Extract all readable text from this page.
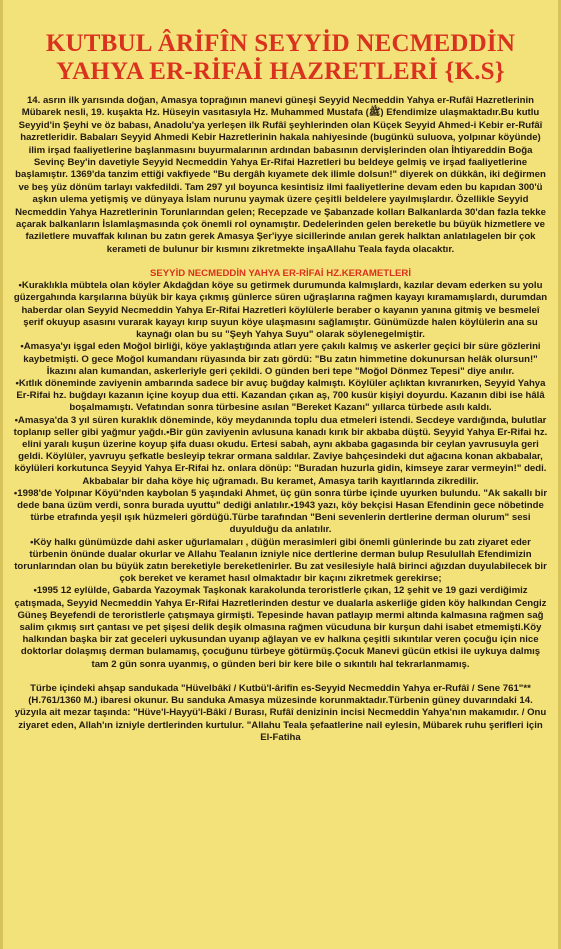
KUTBUL ÂRİFÎN SEYYİD NECMEDDİN YAHYA ER-RİFAİ HAZRETLERİ {K.S}
14. asrın ilk yarısında doğan, Amasya toprağının manevi güneşi Seyyid Necmeddin Yahya er-Rufâî Hazretlerinin Mübarek nesli, 19. kuşakta Hz. Hüseyin vasıtasıyla Hz. Muhammed Mustafa (ﷺ) Efendimize ulaşmaktadır.Bu kutlu Seyyid'in Şeyhi ve öz babası, Anadolu'ya yerleşen ilk Rufâî şeyhlerinden olan Küçek Seyyid Ahmed-i Kebir er-Rufâî hazretleridir. Babaları Seyyid Ahmedi Kebir Hazretlerinin hakala nahiyesinde (bugünkü suluova, yolpınar köyünde) ilim irşad faaliyetlerine başlanmasını buyurmalarının ardından babasının dervişlerinden olan İhtiyareddin Boğa Sevinç Bey'in davetiyle Seyyid Necmeddin Yahya Er-Rifai Hazretleri bu beldeye gelmiş ve irşad faaliyetlerine başlamıştır. 1369'da tanzim ettiği vakfiyede "Bu dergâh kıyamete dek ilimle dolsun!" diyerek on dükkân, iki değirmen ve beş yüz dönüm tarlayı vakfedildi. Tam 297 yıl boyunca kesintisiz ilmi faaliyetlerine devam eden bu kapıdan 300'ü aşkın ulema yetişmiş ve dünyaya İslam nurunu yaymak üzere çeşitli beldelere yayılmışlardır. Özellikle Seyyid Necmeddin Yahya Hazretlerinin Torunlarından gelen; Recepzade ve Şabanzade kolları Balkanlarda 30'dan fazla tekke açarak balkanların İslamlaşmasında çok önemli rol oynamıştır. Dedelerinden gelen bereketle bu büyük hizmetlere ve faziletlere muvaffak kılınan bu zatın gerek Amasya Şer'iyye sicillerinde anılan gerek halktan anlatılagelen bir çok kerameti de bulunur bir kısmını zikretmekte inşaAllahu Teala fayda olacaktır.
SEYYİD NECMEDDİN YAHYA ER-RİFAİ HZ.KERAMETLERİ
•Kuraklıkla mübtela olan köyler Akdağdan köye su getirmek durumunda kalmışlardı, kazılar devam ederken su yolu güzergahında karşılarına büyük bir kaya çıkmış günlerce süren uğraşlarına rağmen kayayı kıramamışlardı, durumdan haberdar olan Seyyid Necmeddin Yahya Er-Rifai Hazretleri köylülerle beraber o kayanın yanına gitmiş ve besmeleî şerif okuyup asasını vurarak kayayı kırıp suyun köye ulaşmasını sağlamıştır. Günümüzde halen köylülerin ana su kaynağı olan bu su "Şeyh Yahya Suyu" olarak söylenegelmiştir.
•Amasya'yı işgal eden Moğol birliği, köye yaklaştığında atları yere çakılı kalmış ve askerler geçici bir süre gözlerini kaybetmişti. O gece Moğol kumandanı rüyasında bir zatı gördü: "Bu zatın himmetine dokunursan helâk olursun!" İkazını alan kumandan, askerleriyle geri çekildi. O günden beri tepe "Moğol Dönmez Tepesi" diye anılır.
•Kıtlık döneminde zaviyenin ambarında sadece bir avuç buğday kalmıştı. Köylüler açlıktan kıvranırken, Seyyid Yahya Er-Rifai hz. buğdayı kazanın içine koyup dua etti. Kazandan çıkan aş, 700 kusür kişiyi doyurdu. Kazanın dibi ise hâlâ boşalmamıştı. Vefatından sonra türbesine asılan "Bereket Kazanı" yıllarca türbede asılı kaldı.
•Amasya'da 3 yıl süren kuraklık döneminde, köy meydanında toplu dua etmeleri istendi. Secdeye vardığında, bulutlar toplanıp seller gibi yağmur yağdı.•Bir gün zaviyenin avlusuna kanadı kırık bir akbaba düştü. Seyyid Yahya Er-Rifai hz. elini yaralı kuşun üzerine koyup şifa duası okudu. Ertesi sabah, aynı akbaba gagasında bir ceylan yavrusuyla geri geldi. Köylüler, yavruyu şefkatle besleyip tekrar ormana saldılar. Zaviye bahçesindeki dut ağacına konan akbabalar, köylüleri korkutunca Seyyid Yahya Er-Rifai hz. onlara dönüp: "Buradan huzurla gidin, kimseye zarar vermeyin!" dedi. Akbabalar bir daha köye hiç uğramadı. Bu keramet, Amasya tarih kayıtlarında zikredilir.
•1998'de Yolpınar Köyü'nden kaybolan 5 yaşındaki Ahmet, üç gün sonra türbe içinde uyurken bulundu. "Ak sakallı bir dede bana üzüm verdi, sonra burada uyuttu" dediği anlatılır.•1943 yazı, köy bekçisi Hasan Efendinin gece nöbetinde türbe etrafında yeşil ışık hüzmeleri gördüğü.Türbe tarafından "Beni sevenlerin dertlerine derman olurum" sesi duyulduğu da anlatılır.
•Köy halkı günümüzde dahi asker uğurlamaları , düğün merasimleri gibi önemli günlerinde bu zatı ziyaret eder türbenin önünde dualar okurlar ve Allahu Tealanın izniyle nice dertlerine derman bulup Resulullah Efendimizin torunlarından olan bu büyük zatın bereketiyle bereketlenirler. Bu zat vesilesiyle halâ birinci ağızdan duyulabilecek bir çok bereket ve keramet hasıl olmaktadır bir kaçını zikretmek gerekirse;
•1995 12 eylülde, Gabarda Yazoymak Taşkonak karakolunda teroristlerle çıkan, 12 şehit ve 19 gazi verdiğimiz çatışmada, Seyyid Necmeddin Yahya Er-Rifai Hazretlerinden destur ve dualarla askerliğe giden köy halkından Cengiz Güneş Beyefendi de teroristlerle çatışmaya girmişti. Tepesinde havan patlayıp mermi altında kalmasına rağmen sağ salim çıkmış sırt çantası ve pet şişesi delik deşik olmasına rağmen vücuduna bir kurşun dahi isabet etmemişti.Köy halkından başka bir zat geceleri uykusundan uyanıp ağlayan ve ev halkına çeşitli sıkıntılar veren çocuğu için nice doktorlar dolaşmış derman bulamamış, çocuğunu türbeye götürmüş.Çocuk Manevi gücün etkisi ile uykuya dalmış tam 2 gün sonra uyanmış, o günden beri bir kere bile o sıkıntılı hal tekrarlanmamış.
Türbe içindeki ahşap sandukada "Hüvelbâkî / Kutbü'l-ârifîn es-Seyyid Necmeddin Yahya er-Rufâî / Sene 761"** (H.761/1360 M.) ibaresi okunur. Bu sanduka Amasya müzesinde korunmaktadır.Türbenin güney duvarındaki 14. yüzyıla ait mezar taşında: "Hüve'l-Hayyü'l-Bâkî / Burası, Rufâî denizinin incisi Necmeddin Yahya'nın makamıdır. / Onu ziyaret eden, Allah'ın izniyle dertlerinden kurtulur. "Allahu Teala şefaatlerine nail eylesin, Mübarek ruhu şerifleri için El-Fatiha
